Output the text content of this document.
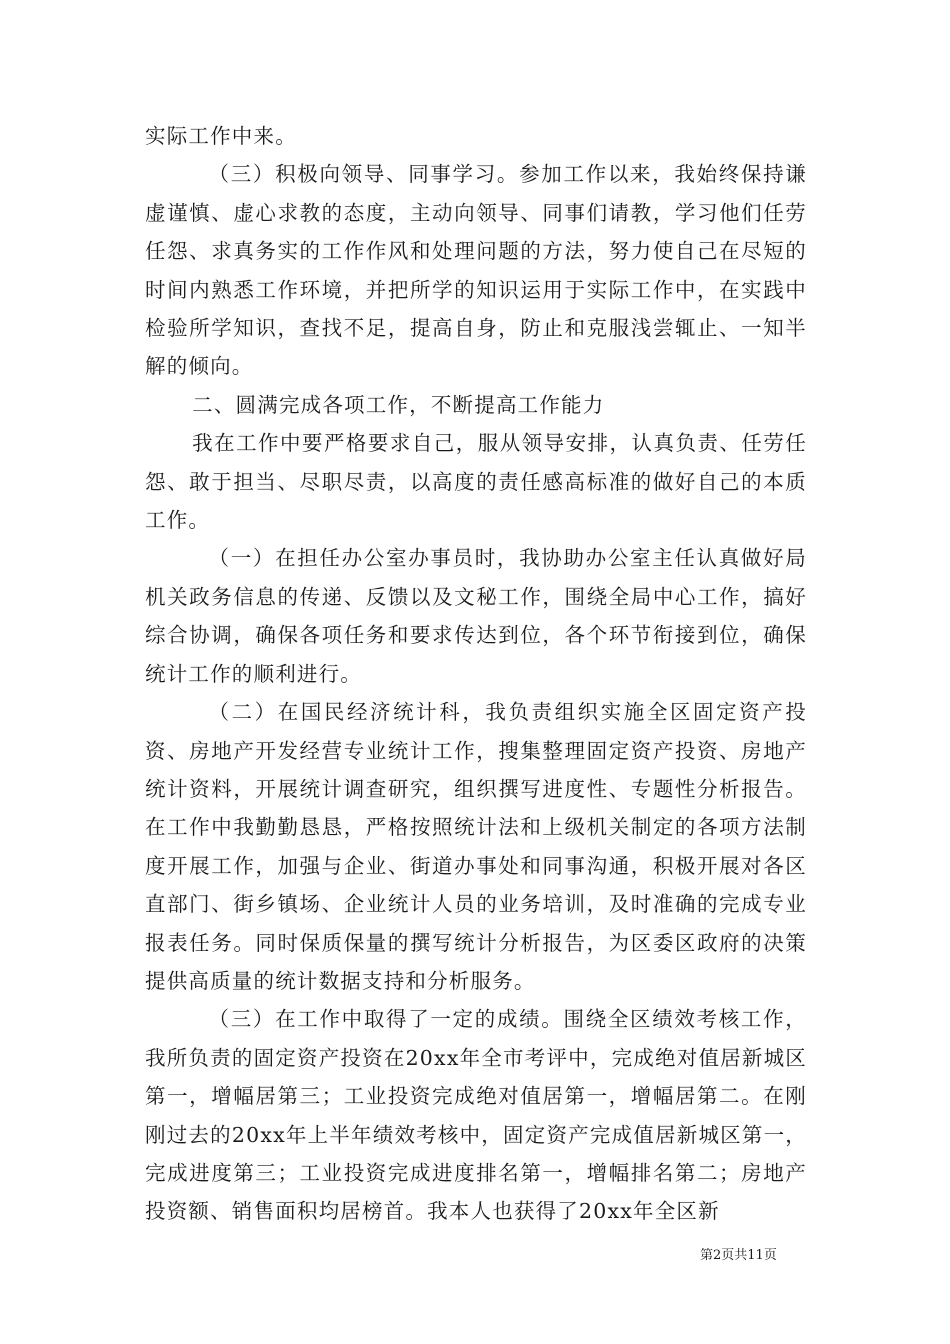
实际工作中来。

（三）积极向领导、同事学习。参加工作以来，我始终保持谦虚谨慎、虚心求教的态度，主动向领导、同事们请教，学习他们任劳任怨、求真务实的工作作风和处理问题的方法，努力使自己在尽短的时间内熟悉工作环境，并把所学的知识运用于实际工作中，在实践中检验所学知识，查找不足，提高自身，防止和克服浅尝辄止、一知半解的倾向。

二、圆满完成各项工作，不断提高工作能力

我在工作中要严格要求自己，服从领导安排，认真负责、任劳任怨、敢于担当、尽职尽责，以高度的责任感高标准的做好自己的本质工作。

（一）在担任办公室办事员时，我协助办公室主任认真做好局机关政务信息的传递、反馈以及文秘工作，围绕全局中心工作，搞好综合协调，确保各项任务和要求传达到位，各个环节衔接到位，确保统计工作的顺利进行。

（二）在国民经济统计科，我负责组织实施全区固定资产投资、房地产开发经营专业统计工作，搜集整理固定资产投资、房地产统计资料，开展统计调查研究，组织撰写进度性、专题性分析报告。在工作中我勤勤恳恳，严格按照统计法和上级机关制定的各项方法制度开展工作，加强与企业、街道办事处和同事沟通，积极开展对各区直部门、街乡镇场、企业统计人员的业务培训，及时准确的完成专业报表任务。同时保质保量的撰写统计分析报告，为区委区政府的决策提供高质量的统计数据支持和分析服务。

（三）在工作中取得了一定的成绩。围绕全区绩效考核工作，我所负责的固定资产投资在20xx年全市考评中，完成绝对值居新城区第一，增幅居第三；工业投资完成绝对值居第一，增幅居第二。在刚刚过去的20xx年上半年绩效考核中，固定资产完成值居新城区第一，完成进度第三；工业投资完成进度排名第一，增幅排名第二；房地产投资额、销售面积均居榜首。我本人也获得了20xx年全区新

第2页共11页
